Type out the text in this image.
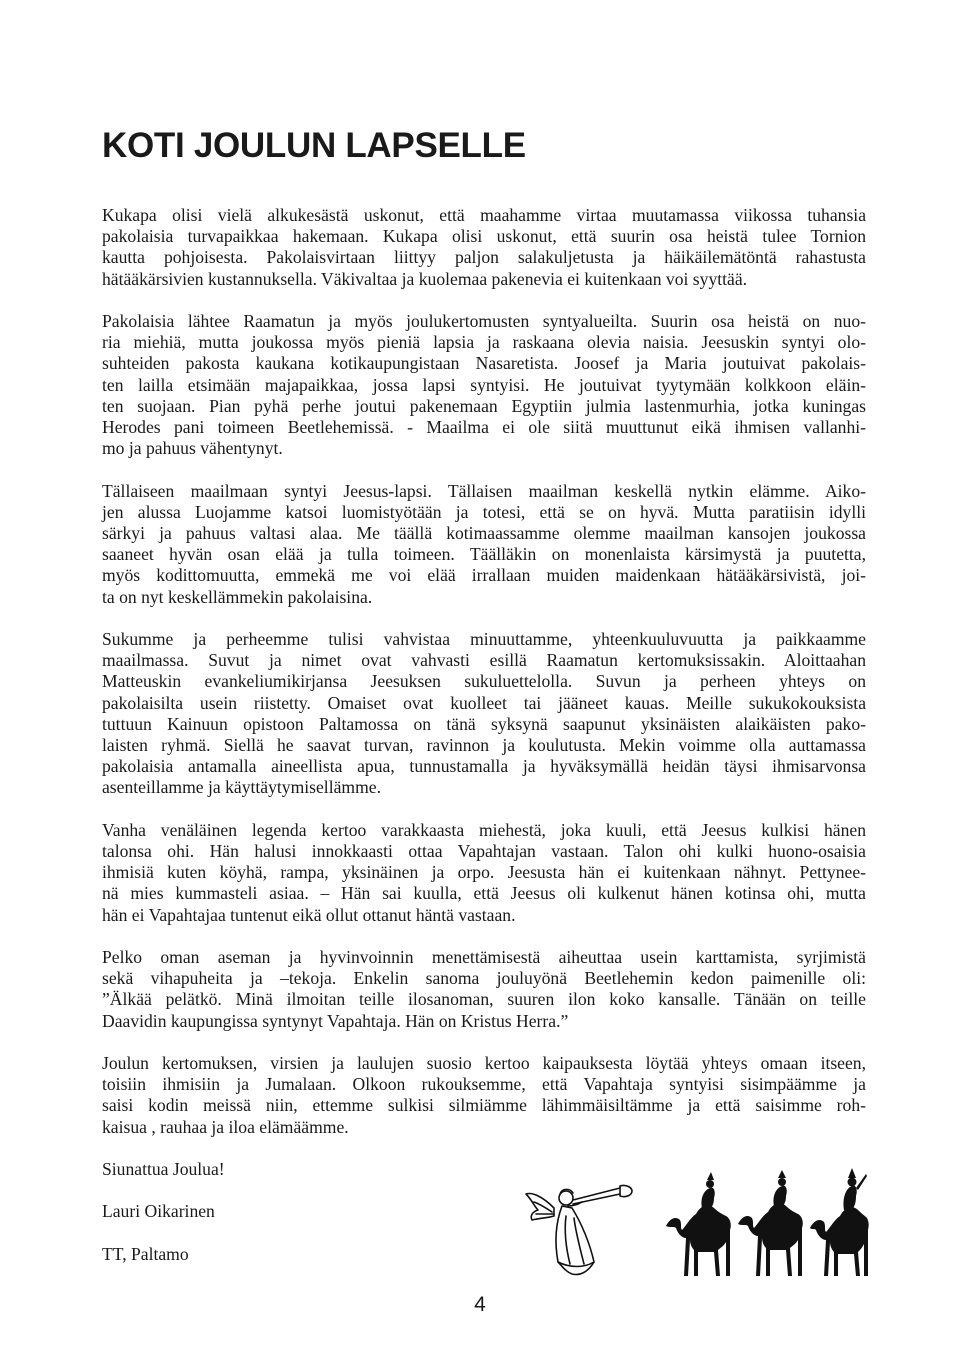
KOTI JOULUN LAPSELLE

Kukapa olisi vielä alkukesästä uskonut, että maahamme virtaa muutamassa viikossa tuhansia
pakolaisia turvapaikkaa hakemaan. Kukapa olisi uskonut, että suurin osa heistä tulee Tornion
kautta pohjoisesta. Pakolaisvirtaan liittyy paljon salakuljetusta ja häikäilemätöntä rahastusta
hätääkärsivien kustannuksella. Väkivaltaa ja kuolemaa pakenevia ei kuitenkaan voi syyttää.

Pakolaisia lähtee Raamatun ja myös joulukertomusten syntyalueilta. Suurin osa heistä on nuo-
ria miehiä, mutta joukossa myös pieniä lapsia ja raskaana olevia naisia. Jeesuskin syntyi olo-
suhteiden pakosta kaukana kotikaupungistaan Nasaretista. Joosef ja Maria joutuivat pakolais-
ten lailla etsimään majapaikkaa, jossa lapsi syntyisi. He joutuivat tyytymään kolkkoon eläin-
ten suojaan. Pian pyhä perhe joutui pakenemaan Egyptiin julmia lastenmurhia, jotka kuningas
Herodes pani toimeen Beetlehemissä. - Maailma ei ole siitä muuttunut eikä ihmisen vallanhi-
mo ja pahuus vähentynyt.

Tällaiseen maailmaan syntyi Jeesus-lapsi. Tällaisen maailman keskellä nytkin elämme. Aiko-
jen alussa Luojamme katsoi luomistyötään ja totesi, että se on hyvä. Mutta paratiisin idylli
särkyi ja pahuus valtasi alaa. Me täällä kotimaassamme olemme maailman kansojen joukossa
saaneet hyvän osan elää ja tulla toimeen. Täälläkin on monenlaista kärsimystä ja puutetta,
myös kodittomuutta, emmekä me voi elää irrallaan muiden maidenkaan hätääkärsivistä, joi-
ta on nyt keskellämmekin pakolaisina.

Sukumme ja perheemme tulisi vahvistaa minuuttamme, yhteenkuuluvuutta ja paikkaamme
maailmassa. Suvut ja nimet ovat vahvasti esillä Raamatun kertomuksissakin. Aloittaahan
Matteuskin evankeliumikirjansa Jeesuksen sukuluettelolla. Suvun ja perheen yhteys on
pakolaisilta usein riistetty. Omaiset ovat kuolleet tai jääneet kauas. Meille sukukokouksista
tuttuun Kainuun opistoon Paltamossa on tänä syksynä saapunut yksinäisten alaikäisten pako-
laisten ryhmä. Siellä he saavat turvan, ravinnon ja koulutusta. Mekin voimme olla auttamassa
pakolaisia antamalla aineellista apua, tunnustamalla ja hyväksymällä heidän täysi ihmisarvonsa
asenteillamme ja käyttäytymisellämme.

Vanha venäläinen legenda kertoo varakkaasta miehestä, joka kuuli, että Jeesus kulkisi hänen
talonsa ohi. Hän halusi innokkaasti ottaa Vapahtajan vastaan. Talon ohi kulki huono-osaisia
ihmisiä kuten köyhä, rampa, yksinäinen ja orpo. Jeesusta hän ei kuitenkaan nähnyt. Pettynee-
nä mies kummasteli asiaa. – Hän sai kuulla, että Jeesus oli kulkenut hänen kotinsa ohi, mutta
hän ei Vapahtajaa tuntenut eikä ollut ottanut häntä vastaan.

Pelko oman aseman ja hyvinvoinnin menettämisestä aiheuttaa usein karttamista, syrjimistä
sekä vihapuheita ja –tekoja. Enkelin sanoma jouluyönä Beetlehemin kedon paimenille oli:
”Älkää pelätkö. Minä ilmoitan teille ilosanoman, suuren ilon koko kansalle. Tänään on teille
Daavidin kaupungissa syntynyt Vapahtaja. Hän on Kristus Herra.”

Joulun kertomuksen, virsien ja laulujen suosio kertoo kaipauksesta löytää yhteys omaan itseen,
toisiin ihmisiin ja Jumalaan. Olkoon rukouksemme, että Vapahtaja syntyisi sisimpäämme ja
saisi kodin meissä niin, ettemme sulkisi silmiämme lähimmäisiltämme ja että saisimme roh-
kaisua , rauhaa ja iloa elämäämme.

Siunattua Joulua!

Lauri Oikarinen

TT, Paltamo

4
